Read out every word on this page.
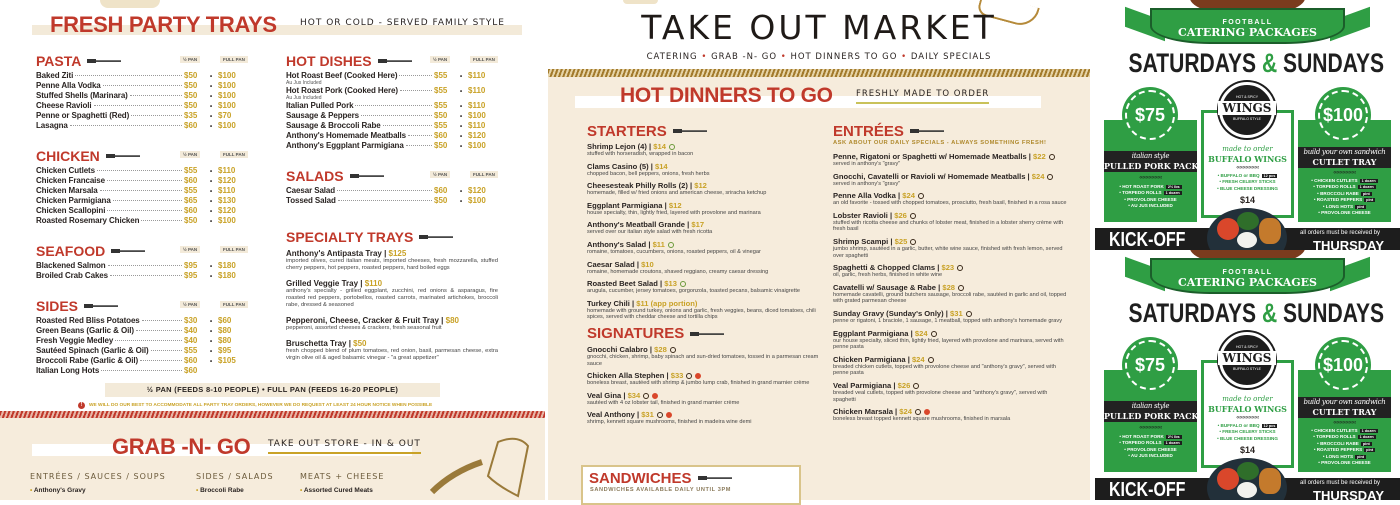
FRESH PARTY TRAYS	HOT OR COLD - SERVED FAMILY STYLE
PASTA	½ PAN	FULL PAN
Baked Ziti	$50	• $100
Penne Alla Vodka	$50	• $100
Stuffed Shells (Marinara)	$50	• $100
Cheese Ravioli	$50	• $100
Penne or Spaghetti (Red)	$35	• $70
Lasagna	$60	• $100
CHICKEN	½ PAN	FULL PAN
Chicken Cutlets	$55	• $110
Chicken Francaise	$60	• $120
Chicken Marsala	$55	• $110
Chicken Parmigiana	$65	• $130
Chicken Scallopini	$60	• $120
Roasted Rosemary Chicken	$50	• $100
SEAFOOD	½ PAN	FULL PAN
Blackened Salmon	$95	• $180
Broiled Crab Cakes	$95	• $180
SIDES	½ PAN	FULL PAN
Roasted Red Bliss Potatoes	$30	• $60
Green Beans (Garlic & Oil)	$40	• $80
Fresh Veggie Medley	$40	• $80
Sautéed Spinach (Garlic & Oil)	$55	• $95
Broccoli Rabe (Garlic & Oil)	$60	• $105
Italian Long Hots	$60
HOT DISHES	½ PAN	FULL PAN
Hot Roast Beef (Cooked Here)	$55	• $110
Au Jus Included
Hot Roast Pork (Cooked Here)	$55	• $110
Au Jus Included
Italian Pulled Pork	$55	• $110
Sausage & Peppers	$50	• $100
Sausage & Broccoli Rabe	$55	• $110
Anthony's Homemade Meatballs	$60	• $120
Anthony's Eggplant Parmigiana	$50	• $100
SALADS	½ PAN	FULL PAN
Caesar Salad	$60	• $120
Tossed Salad	$50	• $100
SPECIALTY TRAYS
Anthony's Antipasta Tray | $125
imported olives, cured italian meats, imported cheeses, fresh mozzarella, stuffed cherry peppers, hot peppers, roasted peppers, hard boiled eggs
Grilled Veggie Tray | $110
anthony's specialty - grilled eggplant, zucchini, red onions & asparagus, fire roasted red peppers, portobellos, roasted carrots, marinated artichokes, broccoli rabe, dressed & seasoned
Pepperoni, Cheese, Cracker & Fruit Tray | $80
pepperoni, assorted cheeses & crackers, fresh seasonal fruit
Bruschetta Tray | $50
fresh chopped blend of plum tomatoes, red onion, basil, parmesan cheese, extra virgin olive oil & aged balsamic vinegar - "a great appetizer"
½ PAN (FEEDS 8-10 PEOPLE) • FULL PAN (FEEDS 16-20 PEOPLE)
!	WE WILL DO OUR BEST TO ACCOMMODATE ALL PARTY TRAY ORDERS, HOWEVER WE DO REQUEST AT LEAST 24 HOUR NOTICE WHEN POSSIBLE
GRAB -N- GO TAKE OUT STORE - IN & OUT
ENTRÉES / SAUCES / SOUPS
• Anthony's Gravy
SIDES / SALADS
• Broccoli Rabe
MEATS + CHEESE
• Assorted Cured Meats
TAKE OUT MARKET
CATERING • GRAB -N- GO • HOT DINNERS TO GO • DAILY SPECIALS
HOT DINNERS TO GO	FRESHLY MADE TO ORDER
STARTERS
Shrimp Lejon (4) | $14
stuffed with horseradish, wrapped in bacon
Clams Casino (5) | $14
chopped bacon, bell peppers, onions, fresh herbs
Cheesesteak Philly Rolls (2) | $12
homemade, filled w/ fried onions and american cheese, sriracha ketchup
Eggplant Parmigiana | $12
house specialty, thin, lightly fried, layered with provolone and marinara
Anthony's Meatball Grande | $17
served over our italian style salad with fresh ricotta
Anthony's Salad | $11
romaine, tomatoes, cucumbers, onions, roasted peppers, oil & vinegar
Caesar Salad | $10
romaine, homemade croutons, shaved reggiano, creamy caesar dressing
Roasted Beet Salad | $13
arugula, cucumber, jersey tomatoes, gorgonzola, toasted pecans, balsamic vinaigrette
Turkey Chili | $11 (app portion)
homemade with ground turkey, onions and garlic, fresh veggies, beans, diced tomatoes, chili spices, served with cheddar cheese and tortilla chips
SIGNATURES
Gnocchi Calabro | $28
gnocchi, chicken, shrimp, baby spinach and sun-dried tomatoes, tossed in a parmesan cream sauce
Chicken Alla Stephen | $33
boneless breast, sautéed with shrimp & jumbo lump crab, finished in grand marnier crème
Veal Gina | $34
sautéed with 4 oz lobster tail, finished in grand marnier crème
Veal Anthony | $31
shrimp, kennett square mushrooms, finished in madeira wine demi
SANDWICHES
SANDWICHES AVAILABLE DAILY UNTIL 3PM
ENTRÉES
ASK ABOUT OUR DAILY SPECIALS - ALWAYS SOMETHING FRESH!
Penne, Rigatoni or Spaghetti w/ Homemade Meatballs | $22
served in anthony's "gravy"
Gnocchi, Cavatelli or Ravioli w/ Homemade Meatballs | $24
served in anthony's "gravy"
Penne Alla Vodka | $24
an old favorite - tossed with chopped tomatoes, prosciutto, fresh basil, finished in a rosa sauce
Lobster Ravioli | $26
stuffed with ricotta cheese and chunks of lobster meat, finished in a lobster sherry crème with fresh basil
Shrimp Scampi | $25
jumbo shrimp, sautéed in a garlic, butter, white wine sauce, finished with fresh lemon, served over spaghetti
Spaghetti & Chopped Clams | $23
oil, garlic, fresh herbs, finished in white wine
Cavatelli w/ Sausage & Rabe | $28
homemade cavatelli, ground butchers sausage, broccoli rabe, sautéed in garlic and oil, topped with grated parmesan cheese
Sunday Gravy (Sunday's Only) | $31
penne or rigatoni, 1 braciole, 1 sausage, 1 meatball, topped with anthony's homemade gravy
Eggplant Parmigiana | $24
our house specialty, sliced thin, lightly fried, layered with provolone and marinara, served with penne pasta
Chicken Parmigiana | $24
breaded chicken cutlets, topped with provolone cheese and "anthony's gravy", served with penne pasta
Veal Parmigiana | $26
breaded veal cutlets, topped with provolone cheese and "anthony's gravy", served with spaghetti
Chicken Marsala | $24
boneless breast topped kennett square mushrooms, finished in marsala
FOOTBALL
CATERING PACKAGES
SATURDAYS & SUNDAYS
italian style
PULLED PORK PACK
‹‹‹‹‹‹‹‹‹‹‹‹‹‹‹
• HOT ROAST PORK 2½ lbs
• TORPEDO ROLLS 1 dozen
• PROVOLONE CHEESE
• AU JUS INCLUDED
$75
made to order
BUFFALO WINGS
‹‹‹‹‹‹‹‹‹‹‹‹‹‹‹
• BUFFALO or BBQ 12 pcs
• FRESH CELERY STICKS
• BLUE CHEESE DRESSING
$14
HOT & SPICY
WINGS
BUFFALO STYLE
build your own sandwich
CUTLET TRAY
‹‹‹‹‹‹‹‹‹‹‹‹‹‹‹
• CHICKEN CUTLETS 1 dozen
• TORPEDO ROLLS 1 dozen
• BROCCOLI RABE pint
• ROASTED PEPPERS pint
• LONG HOTS pint
• PROVOLONE CHEESE
$100
KICK-OFF	all orders must be received by
THURSDAY
FOOTBALL
CATERING PACKAGES
SATURDAYS & SUNDAYS
italian style
PULLED PORK PACK
‹‹‹‹‹‹‹‹‹‹‹‹‹‹‹
• HOT ROAST PORK 2½ lbs
• TORPEDO ROLLS 1 dozen
• PROVOLONE CHEESE
• AU JUS INCLUDED
$75
made to order
BUFFALO WINGS
‹‹‹‹‹‹‹‹‹‹‹‹‹‹‹
• BUFFALO or BBQ 12 pcs
• FRESH CELERY STICKS
• BLUE CHEESE DRESSING
$14
HOT & SPICY
WINGS
BUFFALO STYLE
build your own sandwich
CUTLET TRAY
‹‹‹‹‹‹‹‹‹‹‹‹‹‹‹
• CHICKEN CUTLETS 1 dozen
• TORPEDO ROLLS 1 dozen
• BROCCOLI RABE pint
• ROASTED PEPPERS pint
• LONG HOTS pint
• PROVOLONE CHEESE
$100
KICK-OFF	all orders must be received by
THURSDAY
